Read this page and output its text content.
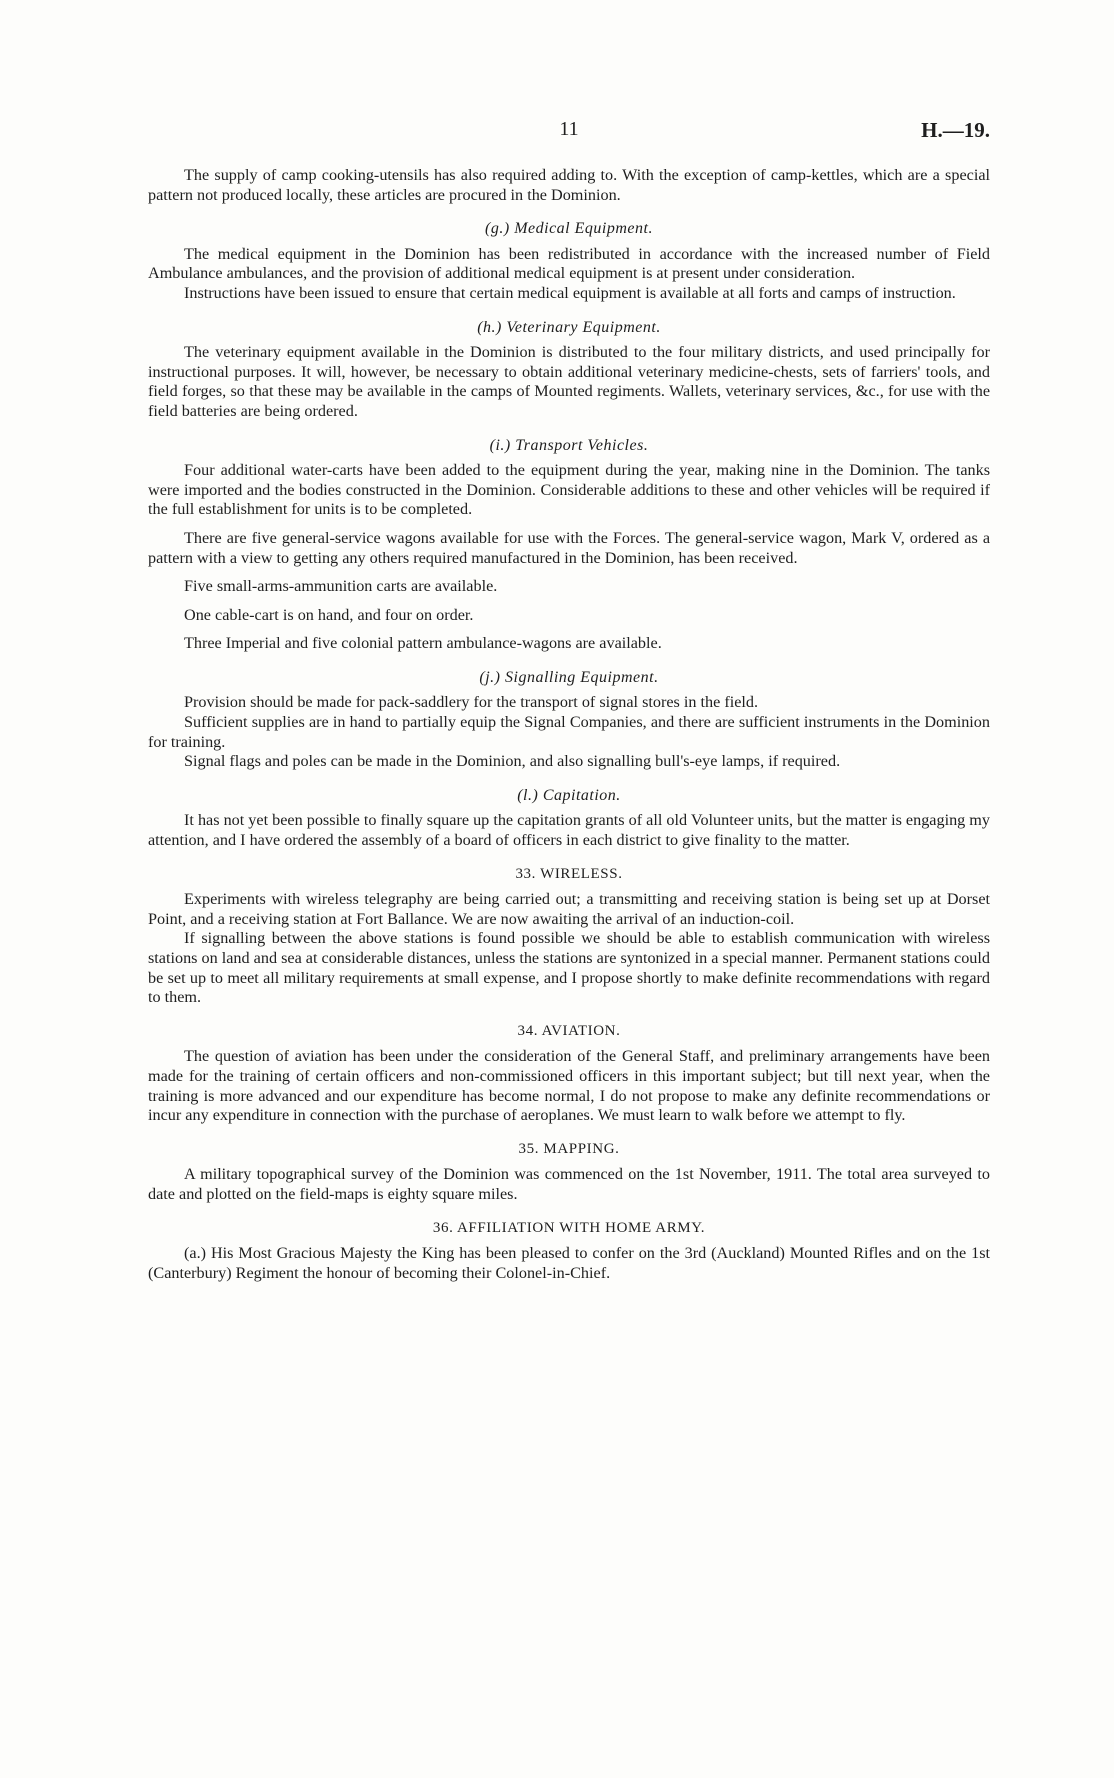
11	H.—19.

The supply of camp cooking-utensils has also required adding to. With the exception of camp-kettles, which are a special pattern not produced locally, these articles are procured in the Dominion.

(g.) Medical Equipment.

The medical equipment in the Dominion has been redistributed in accordance with the increased number of Field Ambulance ambulances, and the provision of additional medical equipment is at present under consideration.

Instructions have been issued to ensure that certain medical equipment is available at all forts and camps of instruction.

(h.) Veterinary Equipment.

The veterinary equipment available in the Dominion is distributed to the four military districts, and used principally for instructional purposes. It will, however, be necessary to obtain additional veterinary medicine-chests, sets of farriers' tools, and field forges, so that these may be available in the camps of Mounted regiments. Wallets, veterinary services, &c., for use with the field batteries are being ordered.

(i.) Transport Vehicles.

Four additional water-carts have been added to the equipment during the year, making nine in the Dominion. The tanks were imported and the bodies constructed in the Dominion. Considerable additions to these and other vehicles will be required if the full establishment for units is to be completed.

There are five general-service wagons available for use with the Forces. The general-service wagon, Mark V, ordered as a pattern with a view to getting any others required manufactured in the Dominion, has been received.

Five small-arms-ammunition carts are available.

One cable-cart is on hand, and four on order.

Three Imperial and five colonial pattern ambulance-wagons are available.

(j.) Signalling Equipment.

Provision should be made for pack-saddlery for the transport of signal stores in the field.

Sufficient supplies are in hand to partially equip the Signal Companies, and there are sufficient instruments in the Dominion for training.

Signal flags and poles can be made in the Dominion, and also signalling bull's-eye lamps, if required.

(l.) Capitation.

It has not yet been possible to finally square up the capitation grants of all old Volunteer units, but the matter is engaging my attention, and I have ordered the assembly of a board of officers in each district to give finality to the matter.

33. WIRELESS.

Experiments with wireless telegraphy are being carried out; a transmitting and receiving station is being set up at Dorset Point, and a receiving station at Fort Ballance. We are now awaiting the arrival of an induction-coil.

If signalling between the above stations is found possible we should be able to establish communication with wireless stations on land and sea at considerable distances, unless the stations are syntonized in a special manner. Permanent stations could be set up to meet all military requirements at small expense, and I propose shortly to make definite recommendations with regard to them.

34. AVIATION.

The question of aviation has been under the consideration of the General Staff, and preliminary arrangements have been made for the training of certain officers and non-commissioned officers in this important subject; but till next year, when the training is more advanced and our expenditure has become normal, I do not propose to make any definite recommendations or incur any expenditure in connection with the purchase of aeroplanes. We must learn to walk before we attempt to fly.

35. MAPPING.

A military topographical survey of the Dominion was commenced on the 1st November, 1911. The total area surveyed to date and plotted on the field-maps is eighty square miles.

36. AFFILIATION WITH HOME ARMY.

(a.) His Most Gracious Majesty the King has been pleased to confer on the 3rd (Auckland) Mounted Rifles and on the 1st (Canterbury) Regiment the honour of becoming their Colonel-in-Chief.
